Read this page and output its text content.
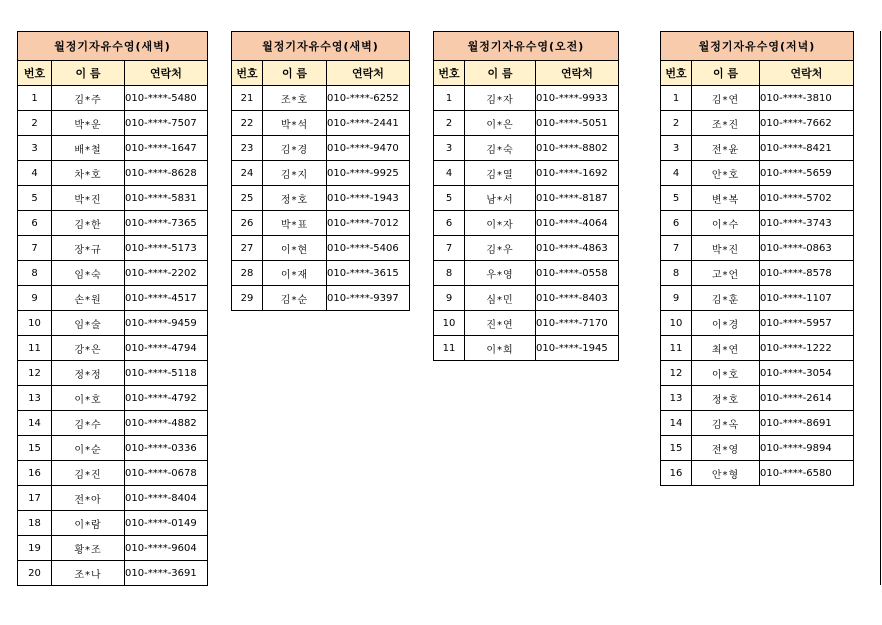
월정기자유수영(새벽)		
번호	이 름	연락처
1	김*주	010-****-5480
2	박*운	010-****-7507
3	배*철	010-****-1647
4	차*호	010-****-8628
5	박*진	010-****-5831
6	김*한	010-****-7365
7	장*규	010-****-5173
8	임*숙	010-****-2202
9	손*원	010-****-4517
10	임*술	010-****-9459
11	강*은	010-****-4794
12	정*정	010-****-5118
13	이*호	010-****-4792
14	김*수	010-****-4882
15	이*순	010-****-0336
16	김*진	010-****-0678
17	전*아	010-****-8404
18	이*람	010-****-0149
19	황*조	010-****-9604
20	조*나	010-****-3691
월정기자유수영(새벽)		
번호	이 름	연락처
21	조*호	010-****-6252
22	박*석	010-****-2441
23	김*경	010-****-9470
24	김*지	010-****-9925
25	정*호	010-****-1943
26	박*표	010-****-7012
27	이*현	010-****-5406
28	이*재	010-****-3615
29	김*순	010-****-9397
월정기자유수영(오전)		
번호	이 름	연락처
1	김*자	010-****-9933
2	이*은	010-****-5051
3	김*숙	010-****-8802
4	김*열	010-****-1692
5	남*서	010-****-8187
6	이*자	010-****-4064
7	김*우	010-****-4863
8	우*영	010-****-0558
9	심*민	010-****-8403
10	진*연	010-****-7170
11	이*희	010-****-1945
월정기자유수영(저녁)		
번호	이 름	연락처
1	김*연	010-****-3810
2	조*진	010-****-7662
3	전*윤	010-****-8421
4	안*호	010-****-5659
5	변*복	010-****-5702
6	이*수	010-****-3743
7	박*진	010-****-0863
8	고*언	010-****-8578
9	김*훈	010-****-1107
10	이*경	010-****-5957
11	최*연	010-****-1222
12	이*호	010-****-3054
13	정*호	010-****-2614
14	김*옥	010-****-8691
15	전*영	010-****-9894
16	안*형	010-****-6580
